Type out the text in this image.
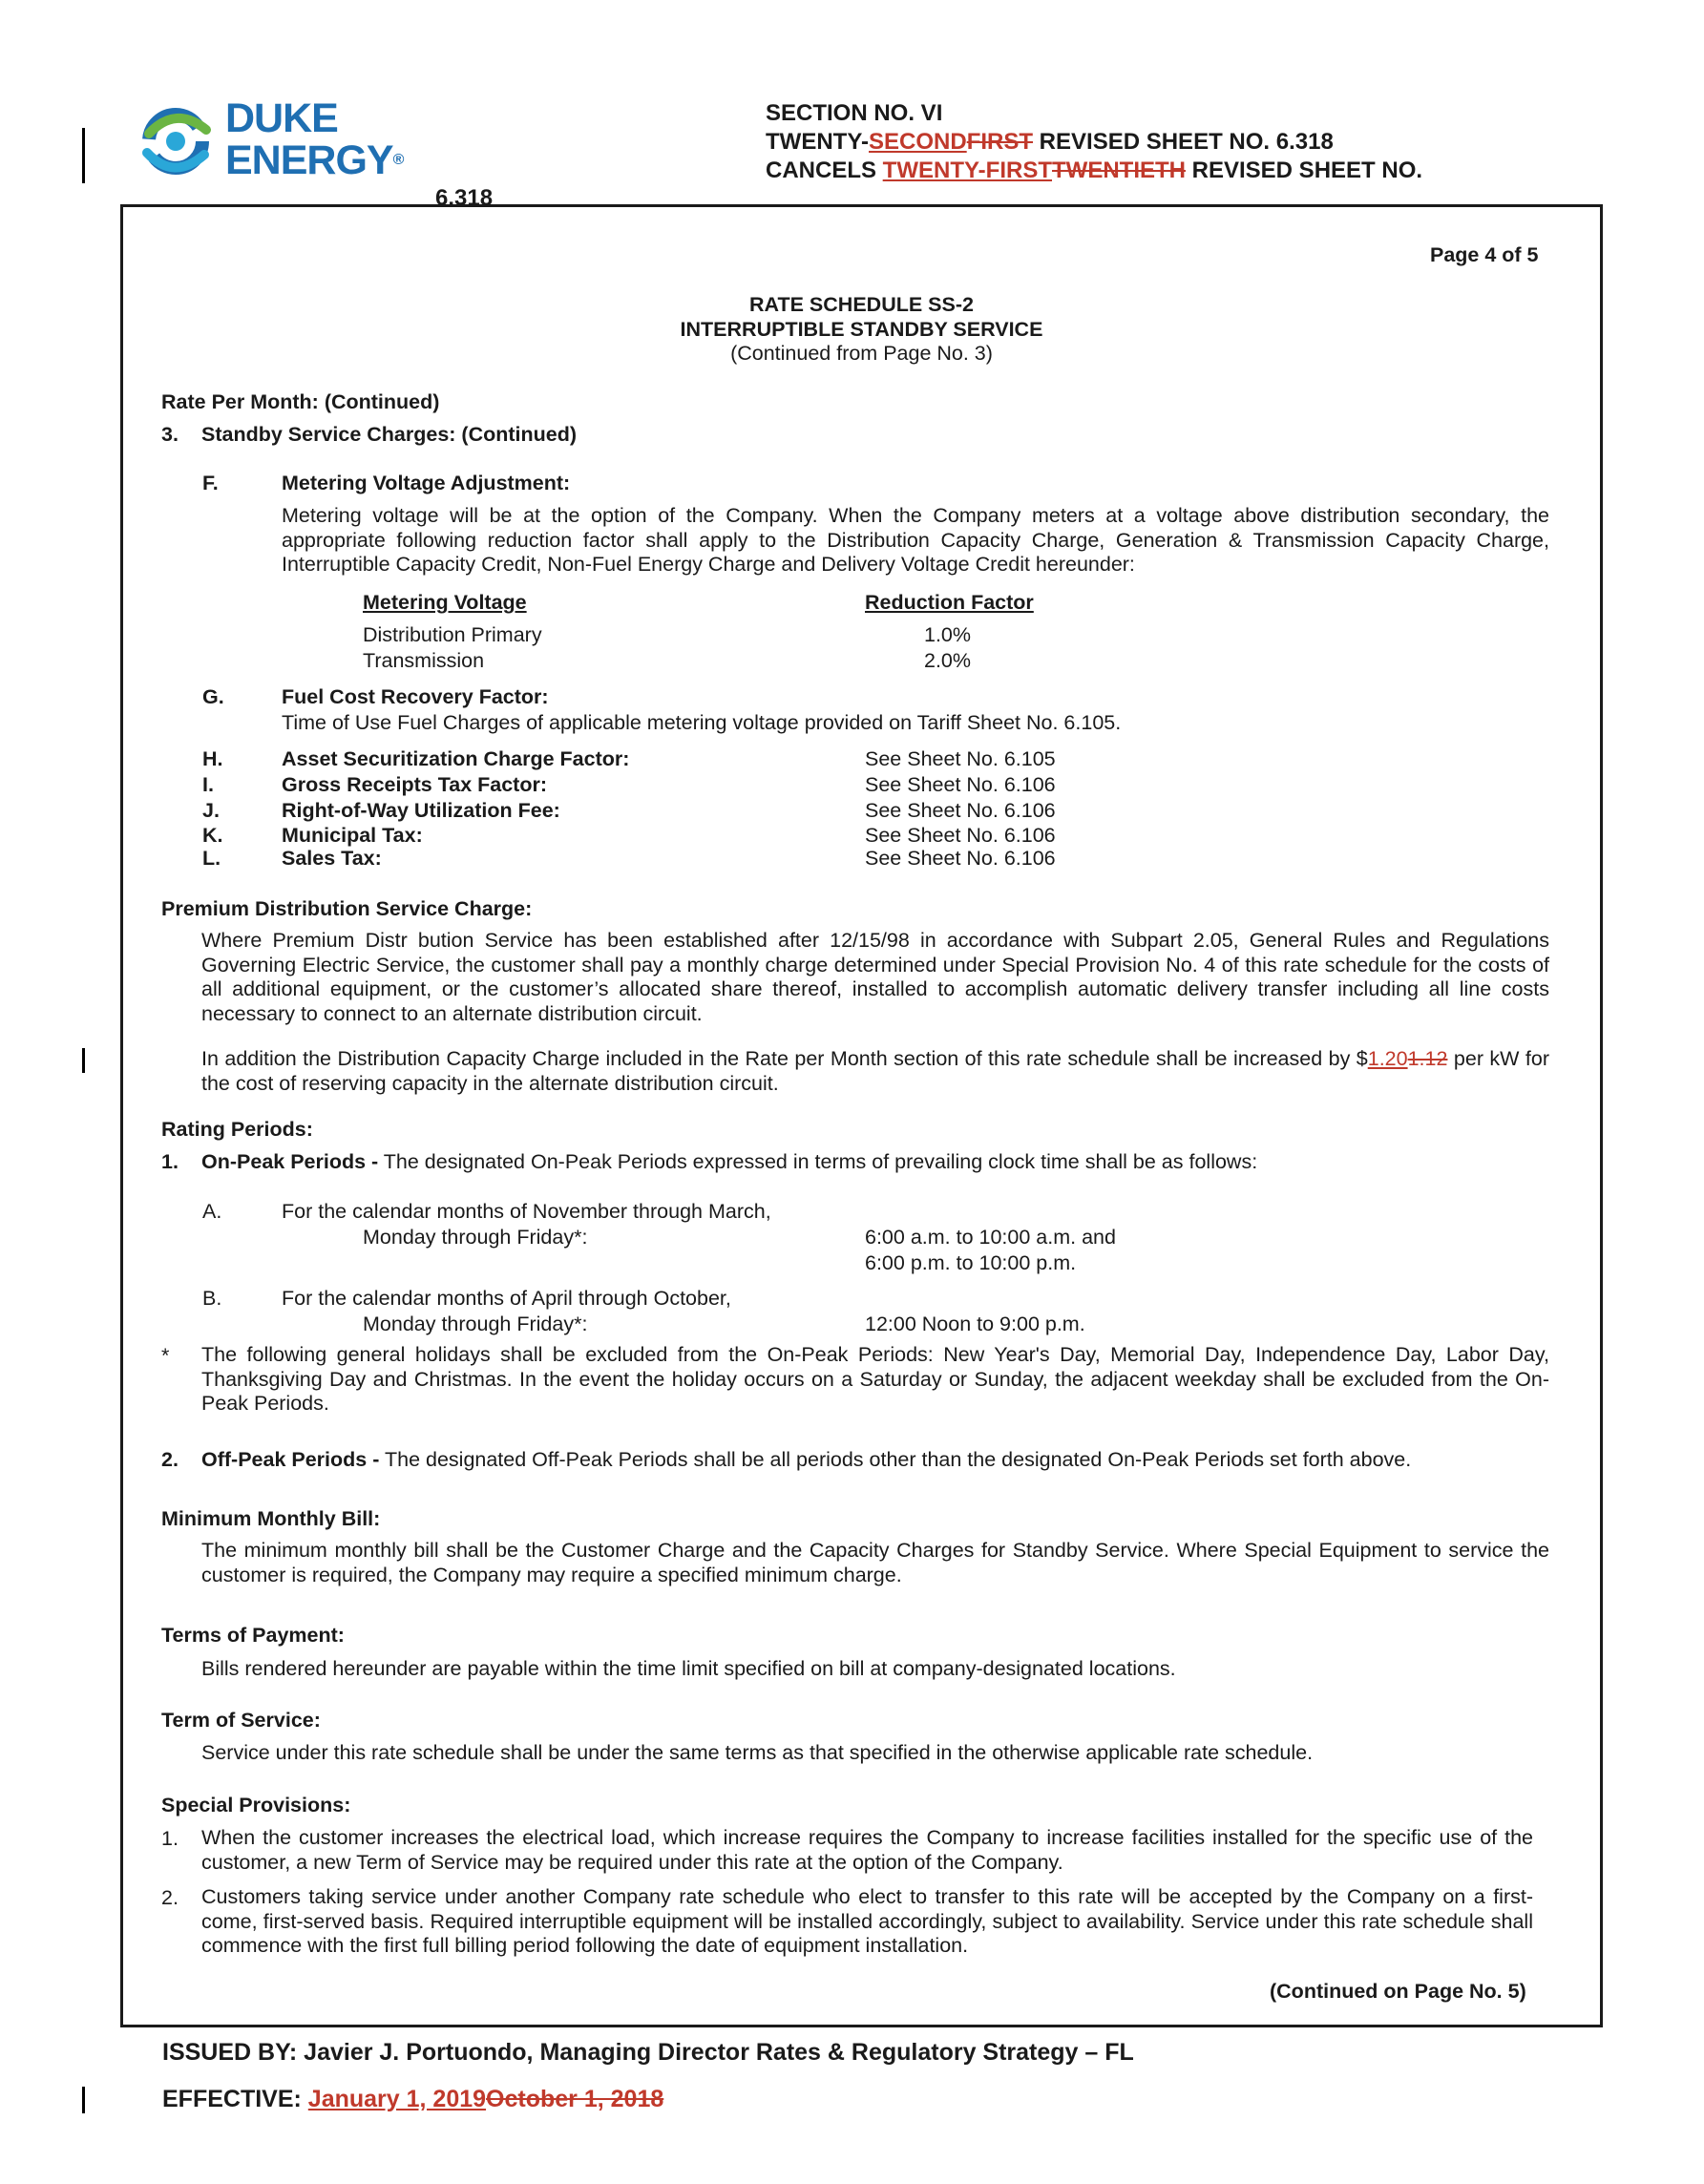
DUKE
ENERGY®
SECTION NO. VI
TWENTY-SECONDFIRST REVISED SHEET NO. 6.318
CANCELS TWENTY-FIRSTTWENTIETH REVISED SHEET NO.
6.318
Page 4 of 5
RATE SCHEDULE SS-2
INTERRUPTIBLE STANDBY SERVICE
(Continued from Page No. 3)
Rate Per Month: (Continued)
3. Standby Service Charges: (Continued)
F.	Metering Voltage Adjustment:
Metering voltage will be at the option of the Company. When the Company meters at a voltage above distribution secondary, the appropriate following reduction factor shall apply to the Distribution Capacity Charge, Generation & Transmission Capacity Charge, Interruptible Capacity Credit, Non-Fuel Energy Charge and Delivery Voltage Credit hereunder:
Metering Voltage	Reduction Factor
Distribution Primary	1.0%
Transmission	2.0%
G.	Fuel Cost Recovery Factor:
Time of Use Fuel Charges of applicable metering voltage provided on Tariff Sheet No. 6.105.
H.	Asset Securitization Charge Factor:	See Sheet No. 6.105
I.	Gross Receipts Tax Factor:	See Sheet No. 6.106
J.	Right-of-Way Utilization Fee:	See Sheet No. 6.106
K.	Municipal Tax:	See Sheet No. 6.106
L.	Sales Tax:	See Sheet No. 6.106
Premium Distribution Service Charge:
Where Premium Distr bution Service has been established after 12/15/98 in accordance with Subpart 2.05, General Rules and Regulations Governing Electric Service, the customer shall pay a monthly charge determined under Special Provision No. 4 of this rate schedule for the costs of all additional equipment, or the customer’s allocated share thereof, installed to accomplish automatic delivery transfer including all line costs necessary to connect to an alternate distribution circuit.
In addition the Distribution Capacity Charge included in the Rate per Month section of this rate schedule shall be increased by $1.201.12 per kW for the cost of reserving capacity in the alternate distribution circuit.
Rating Periods:
1. On-Peak Periods - The designated On-Peak Periods expressed in terms of prevailing clock time shall be as follows:
A.	For the calendar months of November through March,
Monday through Friday*:	6:00 a.m. to 10:00 a.m. and
6:00 p.m. to 10:00 p.m.
B.	For the calendar months of April through October,
Monday through Friday*:	12:00 Noon to 9:00 p.m.
* The following general holidays shall be excluded from the On-Peak Periods: New Year's Day, Memorial Day, Independence Day, Labor Day, Thanksgiving Day and Christmas. In the event the holiday occurs on a Saturday or Sunday, the adjacent weekday shall be excluded from the On-Peak Periods.
2. Off-Peak Periods - The designated Off-Peak Periods shall be all periods other than the designated On-Peak Periods set forth above.
Minimum Monthly Bill:
The minimum monthly bill shall be the Customer Charge and the Capacity Charges for Standby Service. Where Special Equipment to service the customer is required, the Company may require a specified minimum charge.
Terms of Payment:
Bills rendered hereunder are payable within the time limit specified on bill at company-designated locations.
Term of Service:
Service under this rate schedule shall be under the same terms as that specified in the otherwise applicable rate schedule.
Special Provisions:
1. When the customer increases the electrical load, which increase requires the Company to increase facilities installed for the specific use of the customer, a new Term of Service may be required under this rate at the option of the Company.
2. Customers taking service under another Company rate schedule who elect to transfer to this rate will be accepted by the Company on a first-come, first-served basis. Required interruptible equipment will be installed accordingly, subject to availability. Service under this rate schedule shall commence with the first full billing period following the date of equipment installation.
(Continued on Page No. 5)
ISSUED BY: Javier J. Portuondo, Managing Director Rates & Regulatory Strategy – FL
EFFECTIVE: January 1, 2019October 1, 2018
